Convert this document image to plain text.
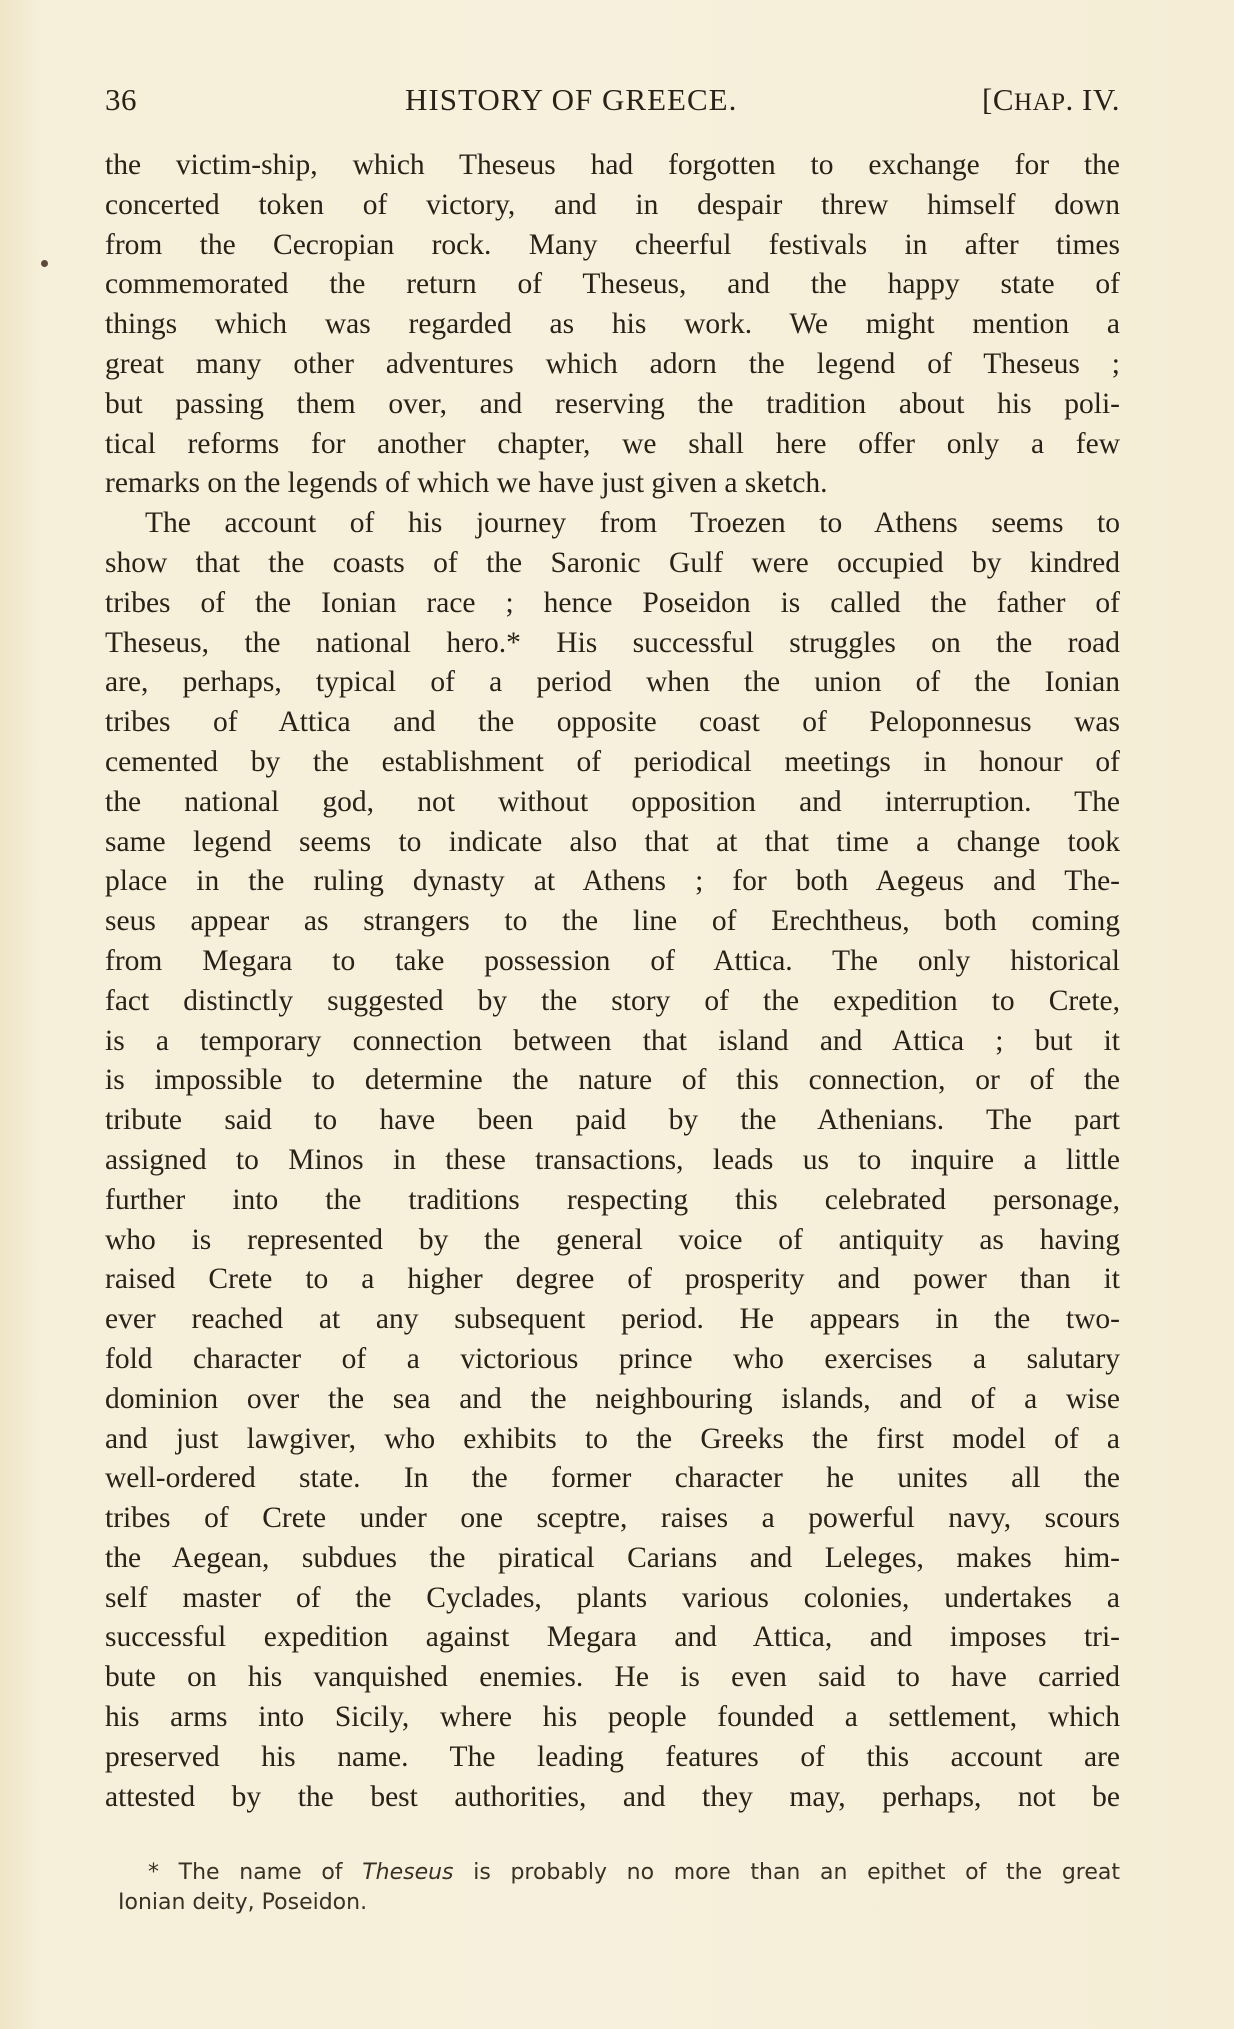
36	HISTORY OF GREECE.	[CHAP. IV.
the victim-ship, which Theseus had forgotten to exchange for the
concerted token of victory, and in despair threw himself down
from the Cecropian rock. Many cheerful festivals in after times
commemorated the return of Theseus, and the happy state of
things which was regarded as his work. We might mention a
great many other adventures which adorn the legend of Theseus ;
but passing them over, and reserving the tradition about his poli-
tical reforms for another chapter, we shall here offer only a few
remarks on the legends of which we have just given a sketch.
The account of his journey from Troezen to Athens seems to
show that the coasts of the Saronic Gulf were occupied by kindred
tribes of the Ionian race ; hence Poseidon is called the father of
Theseus, the national hero.* His successful struggles on the road
are, perhaps, typical of a period when the union of the Ionian
tribes of Attica and the opposite coast of Peloponnesus was
cemented by the establishment of periodical meetings in honour of
the national god, not without opposition and interruption. The
same legend seems to indicate also that at that time a change took
place in the ruling dynasty at Athens ; for both Aegeus and The-
seus appear as strangers to the line of Erechtheus, both coming
from Megara to take possession of Attica. The only historical
fact distinctly suggested by the story of the expedition to Crete,
is a temporary connection between that island and Attica ; but it
is impossible to determine the nature of this connection, or of the
tribute said to have been paid by the Athenians. The part
assigned to Minos in these transactions, leads us to inquire a little
further into the traditions respecting this celebrated personage,
who is represented by the general voice of antiquity as having
raised Crete to a higher degree of prosperity and power than it
ever reached at any subsequent period. He appears in the two-
fold character of a victorious prince who exercises a salutary
dominion over the sea and the neighbouring islands, and of a wise
and just lawgiver, who exhibits to the Greeks the first model of a
well-ordered state. In the former character he unites all the
tribes of Crete under one sceptre, raises a powerful navy, scours
the Aegean, subdues the piratical Carians and Leleges, makes him-
self master of the Cyclades, plants various colonies, undertakes a
successful expedition against Megara and Attica, and imposes tri-
bute on his vanquished enemies. He is even said to have carried
his arms into Sicily, where his people founded a settlement, which
preserved his name. The leading features of this account are
attested by the best authorities, and they may, perhaps, not be
* The name of Theseus is probably no more than an epithet of the great
Ionian deity, Poseidon.
